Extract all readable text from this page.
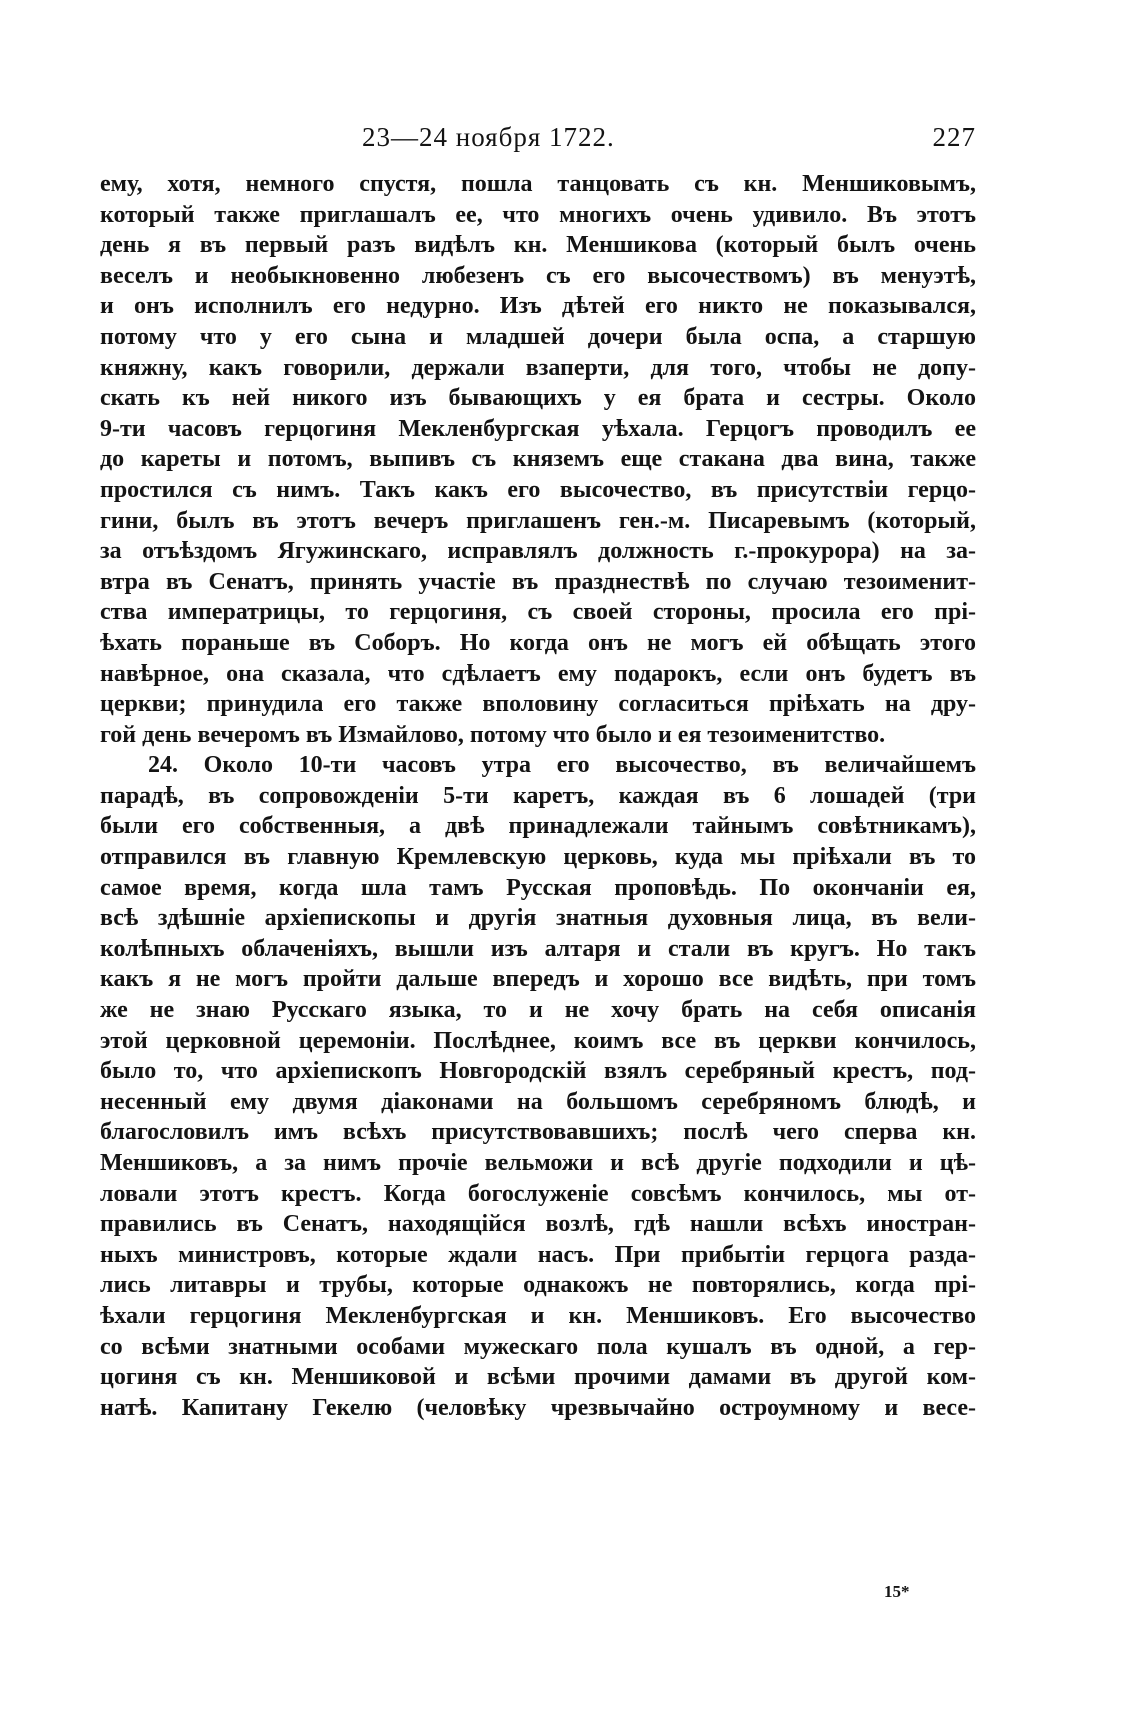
23—24 ноября 1722.	227
ему, хотя, немного спустя, пошла танцовать съ кн. Меншиковымъ,
который также приглашалъ ее, что многихъ очень удивило. Въ этотъ
день я въ первый разъ видѣлъ кн. Меншикова (который былъ очень
веселъ и необыкновенно любезенъ съ его высочествомъ) въ менуэтѣ,
и онъ исполнилъ его недурно. Изъ дѣтей его никто не показывался,
потому что у его сына и младшей дочери была оспа, а старшую
княжну, какъ говорили, держали взаперти, для того, чтобы не допу-
скать къ ней никого изъ бывающихъ у ея брата и сестры. Около
9-ти часовъ герцогиня Мекленбургская уѣхала. Герцогъ проводилъ ее
до кареты и потомъ, выпивъ съ княземъ еще стакана два вина, также
простился съ нимъ. Такъ какъ его высочество, въ присутствіи герцо-
гини, былъ въ этотъ вечеръ приглашенъ ген.-м. Писаревымъ (который,
за отъѣздомъ Ягужинскаго, исправлялъ должность г.-прокурора) на за-
втра въ Сенатъ, принять участіе въ празднествѣ по случаю тезоименит-
ства императрицы, то герцогиня, съ своей стороны, просила его прі-
ѣхать пораньше въ Соборъ. Но когда онъ не могъ ей обѣщать этого
навѣрное, она сказала, что сдѣлаетъ ему подарокъ, если онъ будетъ въ
церкви; принудила его также вполовину согласиться пріѣхать на дру-
гой день вечеромъ въ Измайлово, потому что было и ея тезоименитство.
24. Около 10-ти часовъ утра его высочество, въ величайшемъ
парадѣ, въ сопровожденіи 5-ти каретъ, каждая въ 6 лошадей (три
были его собственныя, а двѣ принадлежали тайнымъ совѣтникамъ),
отправился въ главную Кремлевскую церковь, куда мы пріѣхали въ то
самое время, когда шла тамъ Русская проповѣдь. По окончаніи ея,
всѣ здѣшніе архіепископы и другія знатныя духовныя лица, въ вели-
колѣпныхъ облаченіяхъ, вышли изъ алтаря и стали въ кругъ. Но такъ
какъ я не могъ пройти дальше впередъ и хорошо все видѣть, при томъ
же не знаю Русскаго языка, то и не хочу брать на себя описанія
этой церковной церемоніи. Послѣднее, коимъ все въ церкви кончилось,
было то, что архіепископъ Новгородскій взялъ серебряный крестъ, под-
несенный ему двумя діаконами на большомъ серебряномъ блюдѣ, и
благословилъ имъ всѣхъ присутствовавшихъ; послѣ чего сперва кн.
Меншиковъ, а за нимъ прочіе вельможи и всѣ другіе подходили и цѣ-
ловали этотъ крестъ. Когда богослуженіе совсѣмъ кончилось, мы от-
правились въ Сенатъ, находящійся возлѣ, гдѣ нашли всѣхъ иностран-
ныхъ министровъ, которые ждали насъ. При прибытіи герцога разда-
лись литавры и трубы, которые однакожъ не повторялись, когда прі-
ѣхали герцогиня Мекленбургская и кн. Меншиковъ. Его высочество
со всѣми знатными особами мужескаго пола кушалъ въ одной, а гер-
цогиня съ кн. Меншиковой и всѣми прочими дамами въ другой ком-
натѣ. Капитану Гекелю (человѣку чрезвычайно остроумному и весе-
15*
